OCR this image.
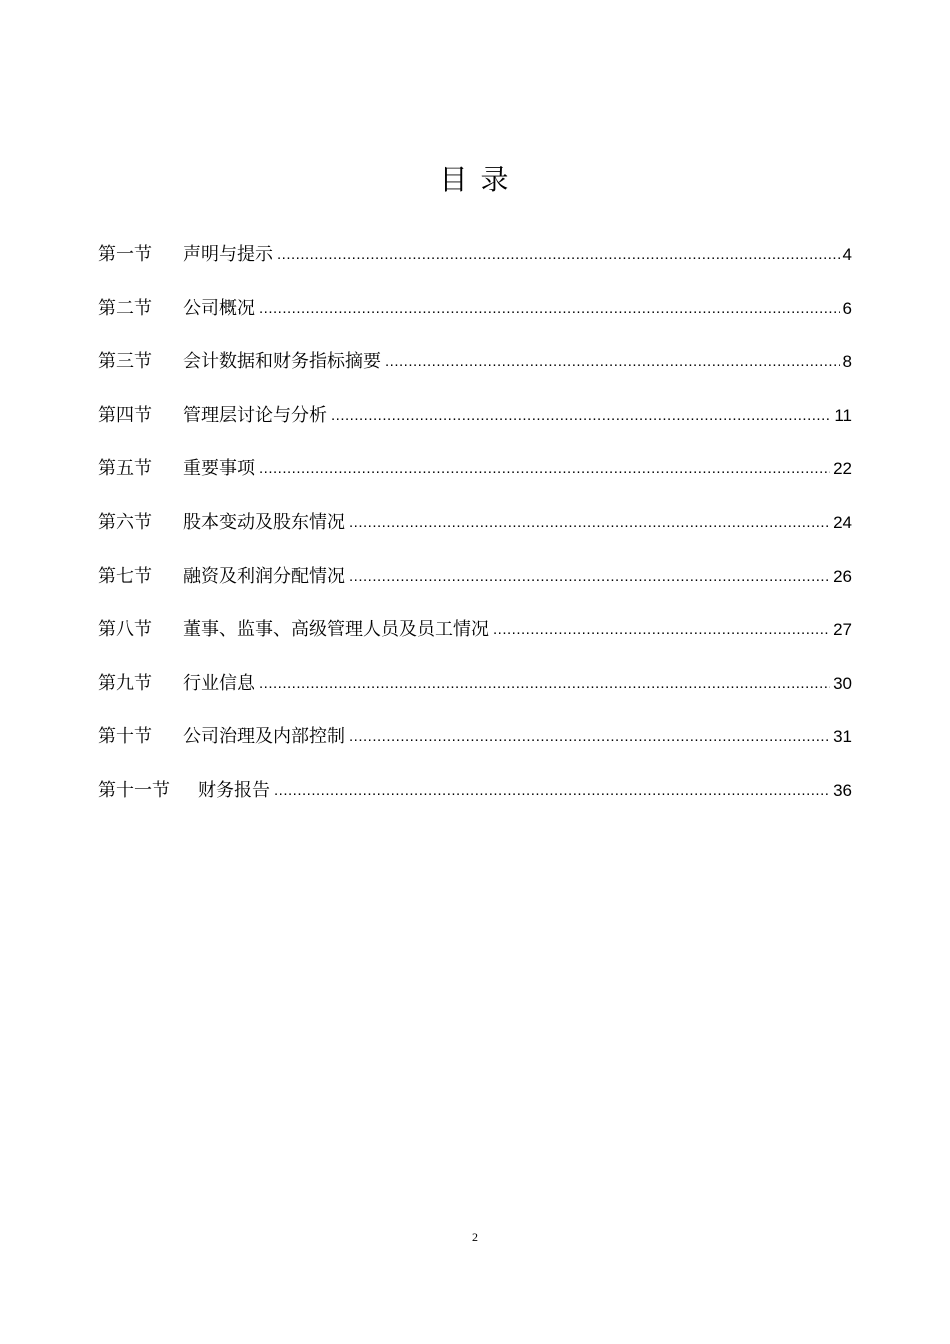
目 录
第一节	声明与提示 .....	4
第二节	公司概况 .....	6
第三节	会计数据和财务指标摘要 .....	8
第四节	管理层讨论与分析 .....	11
第五节	重要事项 .....	22
第六节	股本变动及股东情况 .....	24
第七节	融资及利润分配情况 .....	26
第八节	董事、监事、高级管理人员及员工情况 .....	27
第九节	行业信息 .....	30
第十节	公司治理及内部控制 .....	31
第十一节	财务报告 .....	36
2
